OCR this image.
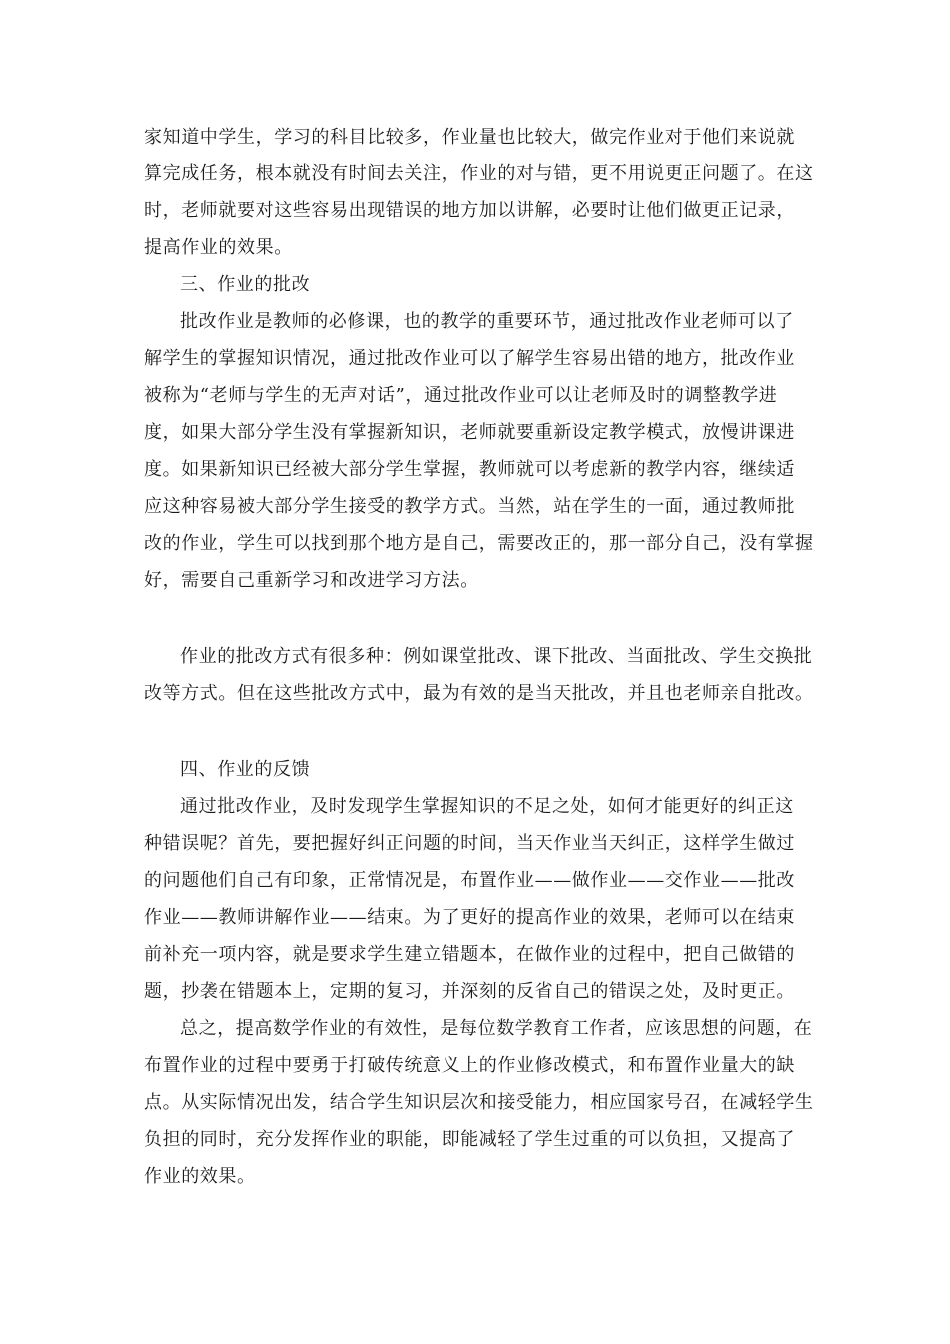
家知道中学生，学习的科目比较多，作业量也比较大，做完作业对于他们来说就
算完成任务，根本就没有时间去关注，作业的对与错，更不用说更正问题了。在这
时，老师就要对这些容易出现错误的地方加以讲解，必要时让他们做更正记录，
提高作业的效果。
三、作业的批改
批改作业是教师的必修课，也的教学的重要环节，通过批改作业老师可以了
解学生的掌握知识情况，通过批改作业可以了解学生容易出错的地方，批改作业
被称为“老师与学生的无声对话”，通过批改作业可以让老师及时的调整教学进
度，如果大部分学生没有掌握新知识，老师就要重新设定教学模式，放慢讲课进
度。如果新知识已经被大部分学生掌握，教师就可以考虑新的教学内容，继续适
应这种容易被大部分学生接受的教学方式。当然，站在学生的一面，通过教师批
改的作业，学生可以找到那个地方是自己，需要改正的，那一部分自己，没有掌握
好，需要自己重新学习和改进学习方法。
作业的批改方式有很多种：例如课堂批改、课下批改、当面批改、学生交换批
改等方式。但在这些批改方式中，最为有效的是当天批改，并且也老师亲自批改。
四、作业的反馈
通过批改作业，及时发现学生掌握知识的不足之处，如何才能更好的纠正这
种错误呢？首先，要把握好纠正问题的时间，当天作业当天纠正，这样学生做过
的问题他们自己有印象，正常情况是，布置作业——做作业——交作业——批改
作业——教师讲解作业——结束。为了更好的提高作业的效果，老师可以在结束
前补充一项内容，就是要求学生建立错题本，在做作业的过程中，把自己做错的
题，抄袭在错题本上，定期的复习，并深刻的反省自己的错误之处，及时更正。
总之，提高数学作业的有效性，是每位数学教育工作者，应该思想的问题，在
布置作业的过程中要勇于打破传统意义上的作业修改模式，和布置作业量大的缺
点。从实际情况出发，结合学生知识层次和接受能力，相应国家号召，在减轻学生
负担的同时，充分发挥作业的职能，即能减轻了学生过重的可以负担，又提高了
作业的效果。
